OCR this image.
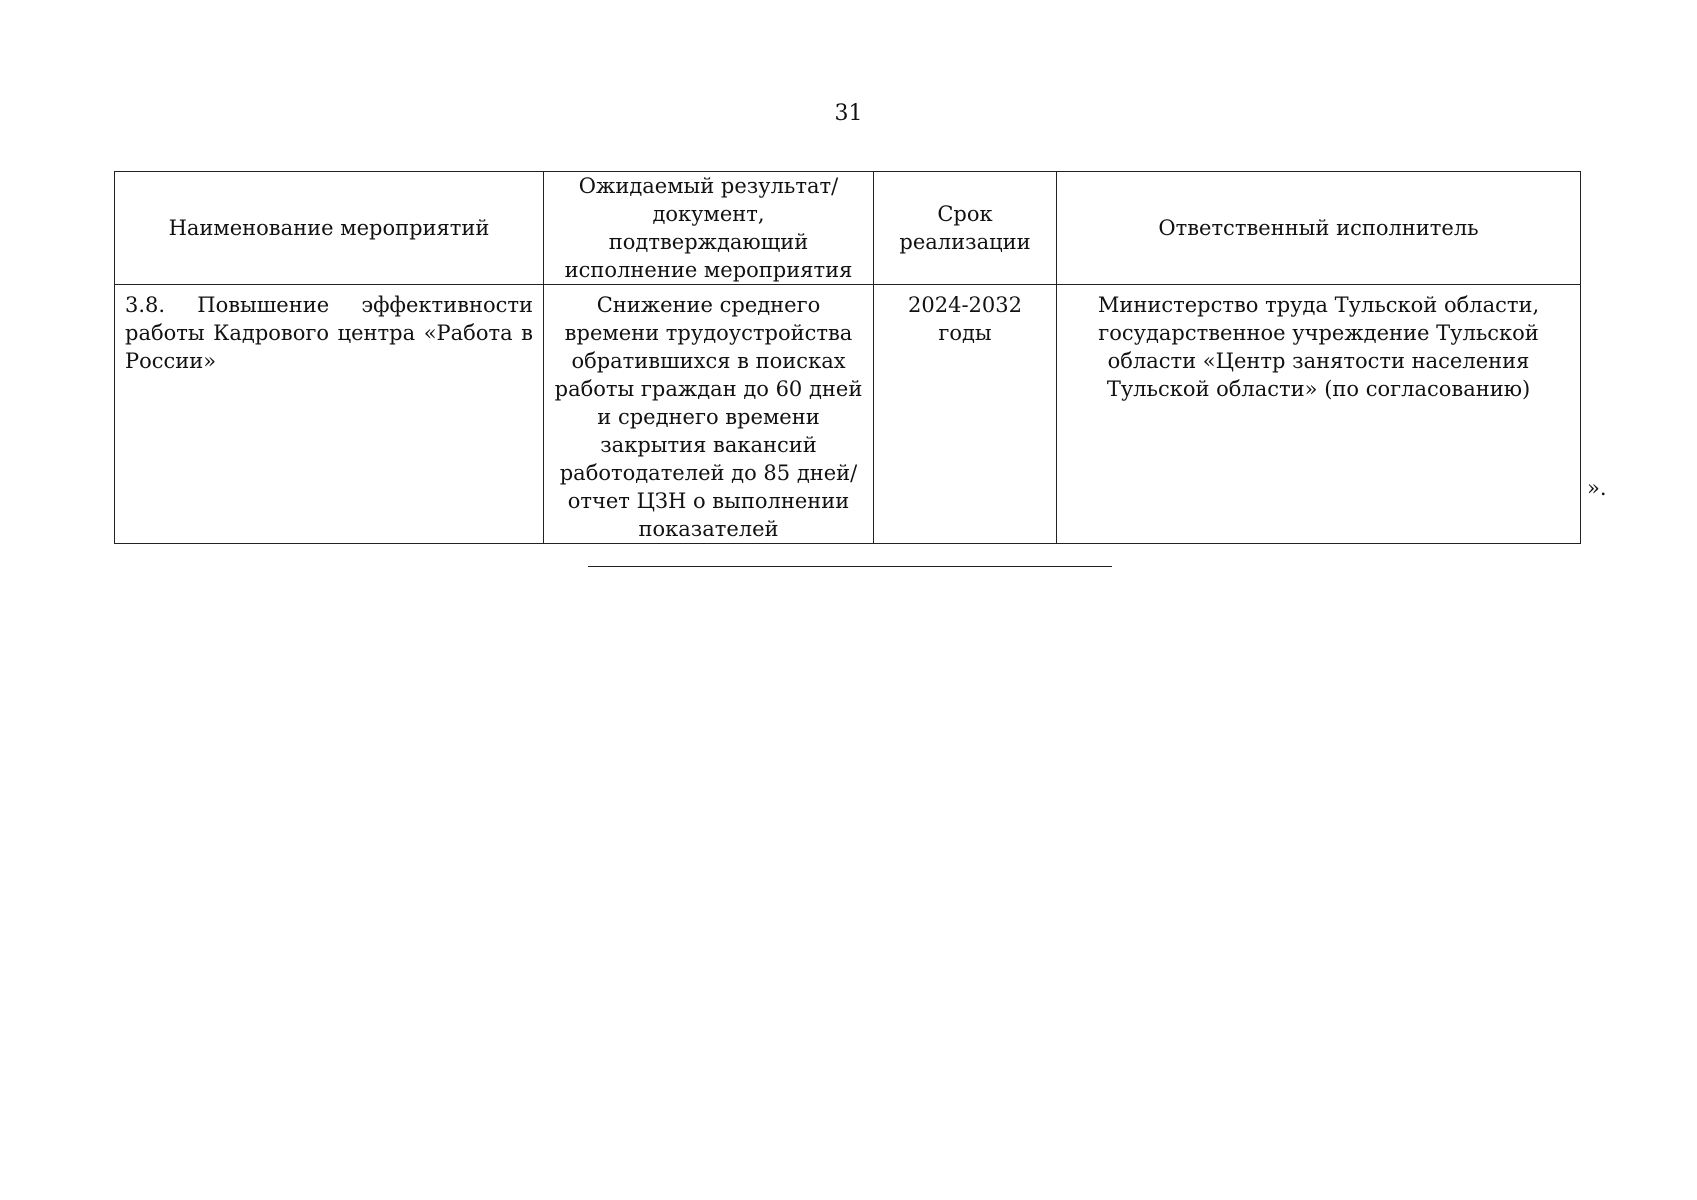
31
Наименование мероприятий	Ожидаемый результат/ документ, подтверждающий исполнение мероприятия	Срок реализации	Ответственный исполнитель
3.8. Повышение эффективности работы Кадрового центра «Работа в России»	Снижение среднего времени трудоустройства обратившихся в поисках работы граждан до 60 дней и среднего времени закрытия вакансий работодателей до 85 дней/отчет ЦЗН о выполнении показателей	2024-2032 годы	Министерство труда Тульской области, государственное учреждение Тульской области «Центр занятости населения Тульской области» (по согласованию)
».
